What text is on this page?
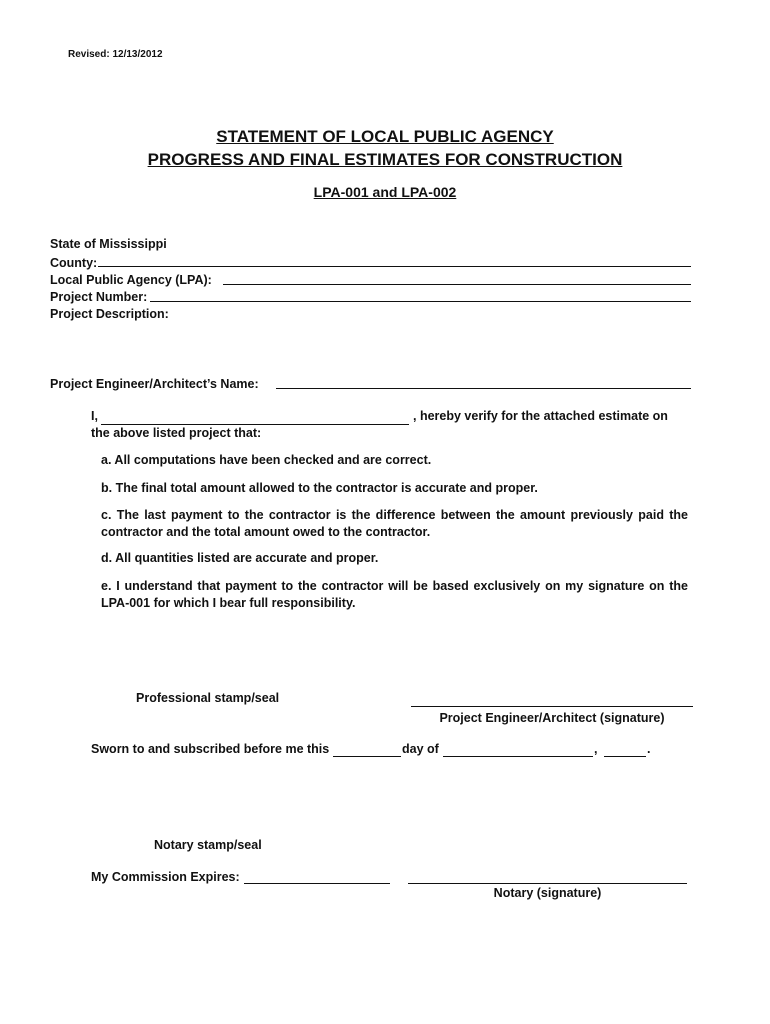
Revised: 12/13/2012
STATEMENT OF LOCAL PUBLIC AGENCY
PROGRESS AND FINAL ESTIMATES FOR CONSTRUCTION
LPA-001 and LPA-002
State of Mississippi
County:
Local Public Agency (LPA):
Project Number:
Project Description:
Project Engineer/Architect’s Name:
I,	, hereby verify for the attached estimate on
the above listed project that:
a. All computations have been checked and are correct.
b. The final total amount allowed to the contractor is accurate and proper.
c. The last payment to the contractor is the difference between the amount previously paid the contractor and the total amount owed to the contractor.
d. All quantities listed are accurate and proper.
e. I understand that payment to the contractor will be based exclusively on my signature on the LPA-001 for which I bear full responsibility.
Professional stamp/seal
Project Engineer/Architect (signature)
Sworn to and subscribed before me this	day of	,	.
Notary stamp/seal
My Commission Expires:
Notary (signature)
